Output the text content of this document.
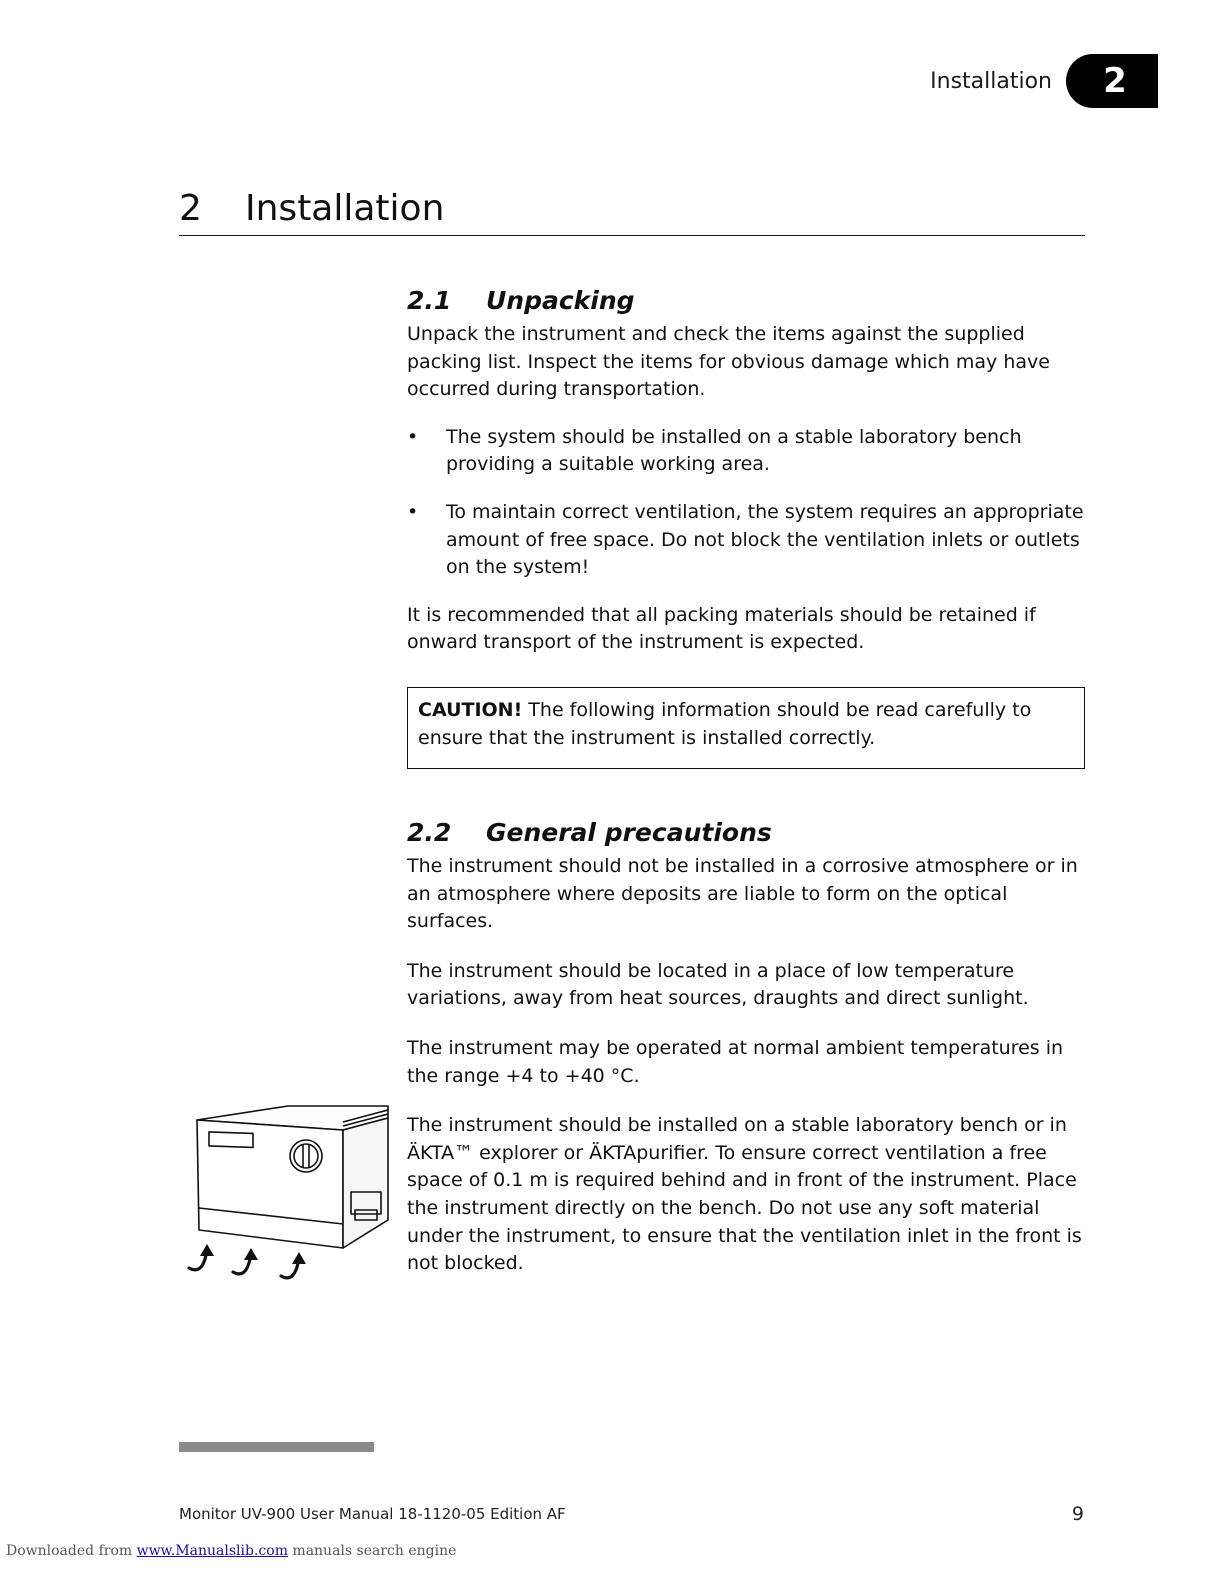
Installation	2
2	Installation
2.1	Unpacking

Unpack the instrument and check the items against the supplied packing list. Inspect the items for obvious damage which may have occurred during transportation.

• The system should be installed on a stable laboratory bench providing a suitable working area.
• To maintain correct ventilation, the system requires an appropriate amount of free space. Do not block the ventilation inlets or outlets on the system!

It is recommended that all packing materials should be retained if onward transport of the instrument is expected.

CAUTION! The following information should be read carefully to ensure that the instrument is installed correctly.
2.2	General precautions

The instrument should not be installed in a corrosive atmosphere or in an atmosphere where deposits are liable to form on the optical surfaces.

The instrument should be located in a place of low temperature variations, away from heat sources, draughts and direct sunlight.

The instrument may be operated at normal ambient temperatures in the range +4 to +40 °C.

The instrument should be installed on a stable laboratory bench or in ÄKTA™ explorer or ÄKTApurifier. To ensure correct ventilation a free space of 0.1 m is required behind and in front of the instrument. Place the instrument directly on the bench. Do not use any soft material under the instrument, to ensure that the ventilation inlet in the front is not blocked.

Monitor UV-900 User Manual 18-1120-05 Edition AF	9
Downloaded from www.Manualslib.com manuals search engine
